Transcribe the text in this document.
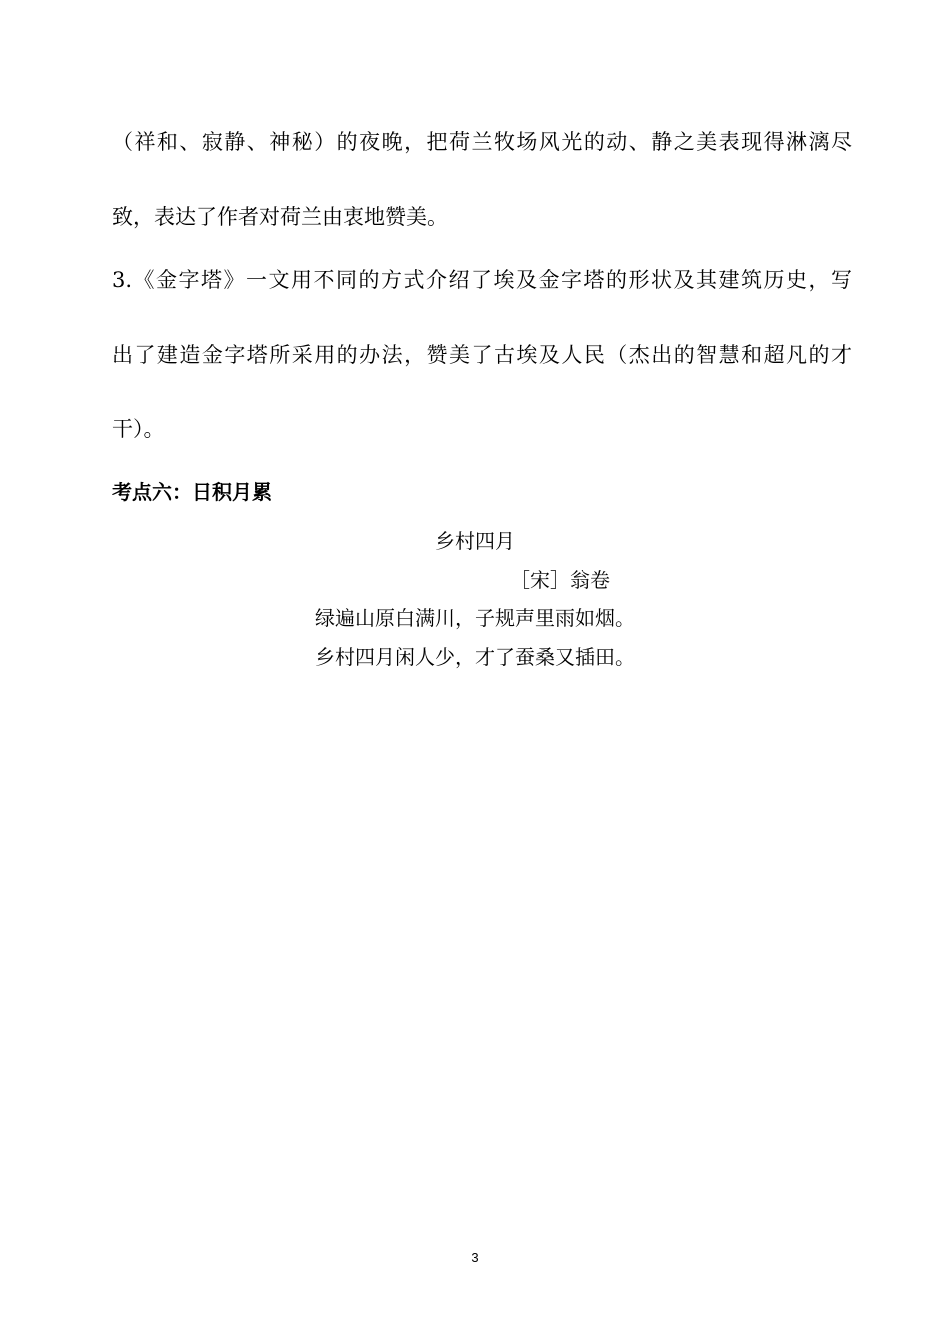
（祥和、寂静、神秘）的夜晚，把荷兰牧场风光的动、静之美表现得淋漓尽
致，表达了作者对荷兰由衷地赞美。
3.《金字塔》一文用不同的方式介绍了埃及金字塔的形状及其建筑历史，写
出了建造金字塔所采用的办法，赞美了古埃及人民（杰出的智慧和超凡的才
干）。
考点六：日积月累
乡村四月
［宋］翁卷
绿遍山原白满川，子规声里雨如烟。
乡村四月闲人少，才了蚕桑又插田。
3
